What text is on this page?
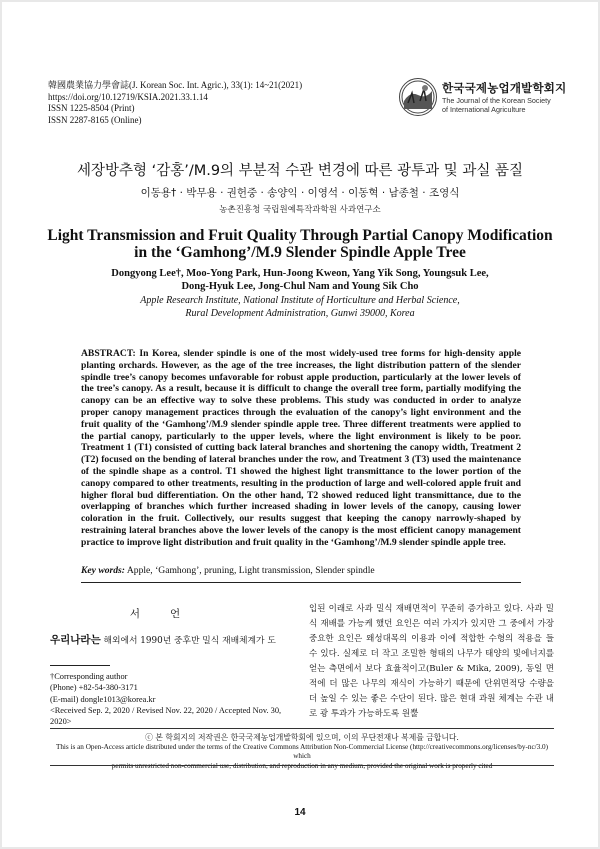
韓國農業協力學會誌(J. Korean Soc. Int. Agric.), 33(1): 14~21(2021)
https://doi.org/10.12719/KSIA.2021.33.1.14
ISSN 1225-8504 (Print)
ISSN 2287-8165 (Online)
한국국제농업개발학회지
The Journal of the Korean Society
of International Agriculture
세장방추형 ‘감홍’/M.9의 부분적 수관 변경에 따른 광투과 및 과실 품질
이동용† · 박무용 · 권헌중 · 송양익 · 이영석 · 이동혁 · 남종철 · 조영식
농촌진흥청 국립원예특작과학원 사과연구소
Light Transmission and Fruit Quality Through Partial Canopy Modification
in the ‘Gamhong’/M.9 Slender Spindle Apple Tree
Dongyong Lee†, Moo-Yong Park, Hun-Joong Kweon, Yang Yik Song, Youngsuk Lee,
Dong-Hyuk Lee, Jong-Chul Nam and Young Sik Cho
Apple Research Institute, National Institute of Horticulture and Herbal Science,
Rural Development Administration, Gunwi 39000, Korea
ABSTRACT: In Korea, slender spindle is one of the most widely-used tree forms for high-density apple planting orchards. However, as the age of the tree increases, the light distribution pattern of the slender spindle tree’s canopy becomes unfavorable for robust apple production, particularly at the lower levels of the tree’s canopy. As a result, because it is difficult to change the overall tree form, partially modifying the canopy can be an effective way to solve these problems. This study was conducted in order to analyze proper canopy management practices through the evaluation of the canopy’s light environment and the fruit quality of the ‘Gamhong’/M.9 slender spindle apple tree. Three different treatments were applied to the partial canopy, particularly to the upper levels, where the light environment is likely to be poor. Treatment 1 (T1) consisted of cutting back lateral branches and shortening the canopy width, Treatment 2 (T2) focused on the bending of lateral branches under the row, and Treatment 3 (T3) used the maintenance of the spindle shape as a control. T1 showed the highest light transmittance to the lower portion of the canopy compared to other treatments, resulting in the production of large and well-colored apple fruit and higher floral bud differentiation. On the other hand, T2 showed reduced light transmittance, due to the overlapping of branches which further increased shading in lower levels of the canopy, causing lower coloration in the fruit. Collectively, our results suggest that keeping the canopy narrowly-shaped by restraining lateral branches above the lower levels of the canopy is the most efficient canopy management practice to improve light distribution and fruit quality in the ‘Gamhong’/M.9 slender spindle apple tree.
Key words: Apple, ‘Gamhong’, pruning, Light transmission, Slender spindle
서언
우리나라는 해외에서 1990년 중후반 밀식 재배체계가 도
†Corresponding author
(Phone) +82-54-380-3171
(E-mail) dongle1013@korea.kr
<Received Sep. 2, 2020 / Revised Nov. 22, 2020 / Accepted Nov. 30, 2020>

입된 이래로 사과 밀식 재배면적이 꾸준히 증가하고 있다. 사과 밀식 재배를 가능케 했던 요인은 여러 가지가 있지만 그 중에서 가장 중요한 요인은 왜성대목의 이용과 이에 적합한 수형의 적용을 들 수 있다. 실제로 더 작고 조밀한 형태의 나무가 태양의 빛에너지를 얻는 측면에서 보다 효율적이고(Buler & Mika, 2009), 동일 면적에 더 많은 나무의 재식이 가능하기 때문에 단위면적당 수량을 더 높일 수 있는 좋은 수단이 된다. 많은 현대 과원 체계는 수관 내로 광 투과가 가능하도록 원뿔

ⓒ 본 학회지의 저작권은 한국국제농업개발학회에 있으며, 이의 무단전재나 복제를 금합니다.
This is an Open-Access article distributed under the terms of the Creative Commons Attribution Non-Commercial License (http://creativecommons.org/licenses/by-nc/3.0) which
permits unrestricted non-commercial use, distribution, and reproduction in any medium, provided the original work is properly cited
14
